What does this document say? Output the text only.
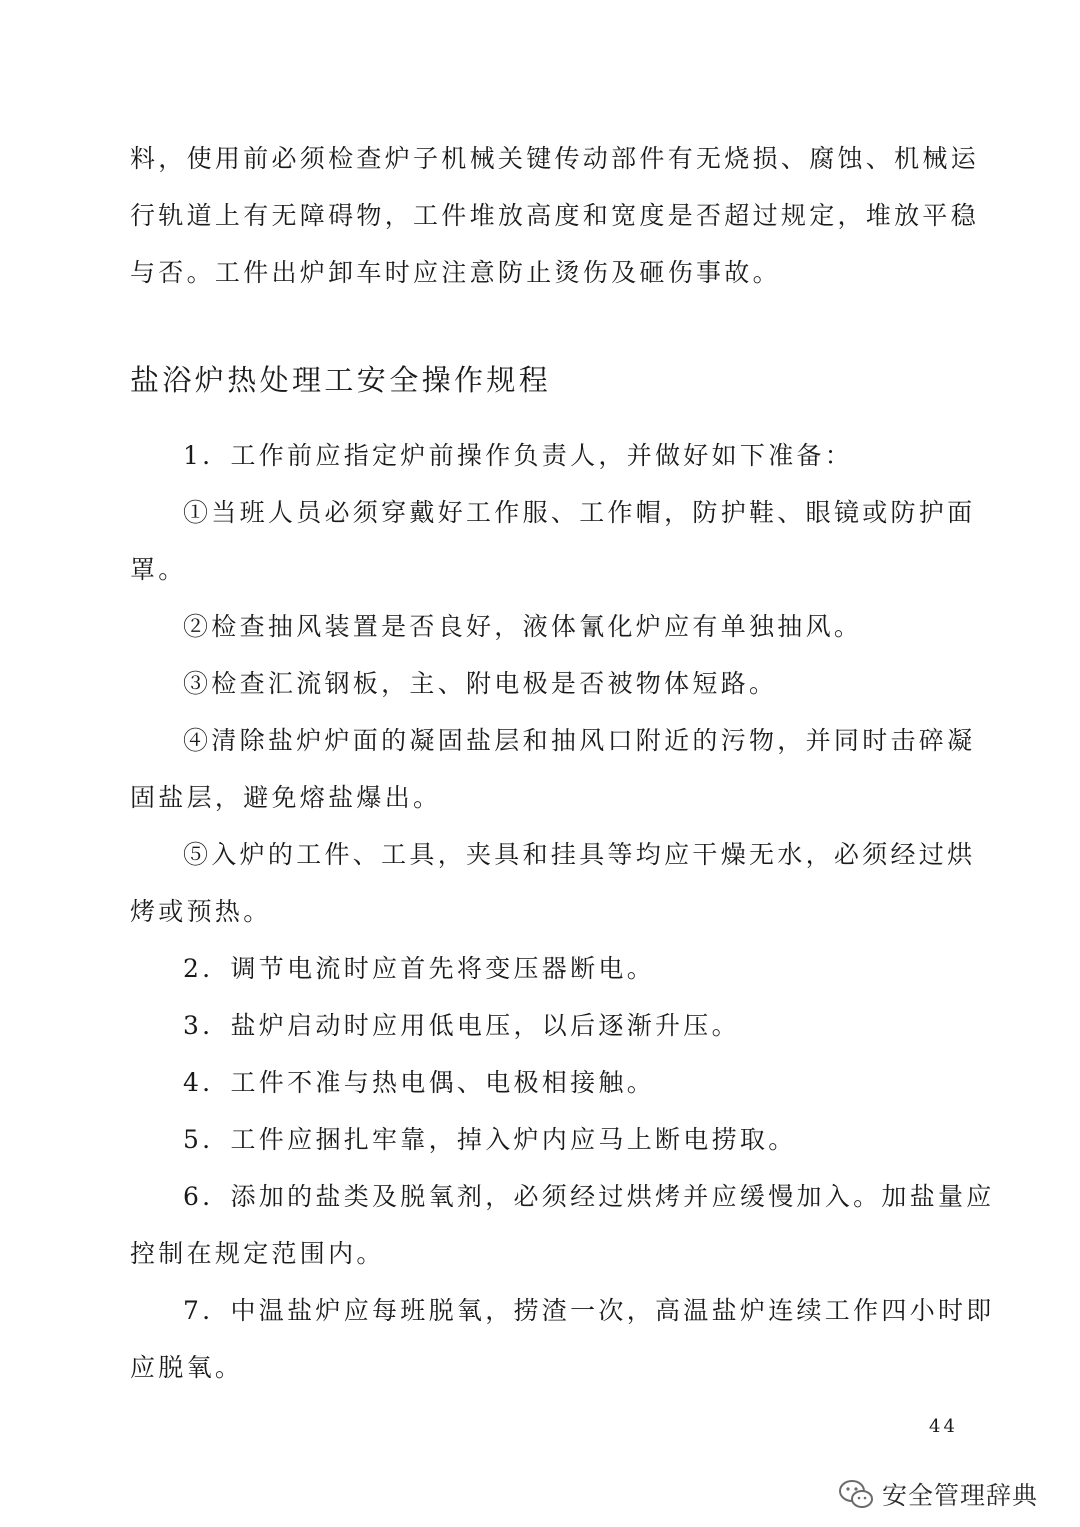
料，使用前必须检查炉子机械关键传动部件有无烧损、腐蚀、机械运

行轨道上有无障碍物，工件堆放高度和宽度是否超过规定，堆放平稳

与否。工件出炉卸车时应注意防止烫伤及砸伤事故。

盐浴炉热处理工安全操作规程

1．工作前应指定炉前操作负责人，并做好如下准备：

①当班人员必须穿戴好工作服、工作帽，防护鞋、眼镜或防护面

罩。

②检查抽风装置是否良好，液体氰化炉应有单独抽风。

③检查汇流钢板，主、附电极是否被物体短路。

④清除盐炉炉面的凝固盐层和抽风口附近的污物，并同时击碎凝

固盐层，避免熔盐爆出。

⑤入炉的工件、工具，夹具和挂具等均应干燥无水，必须经过烘

烤或预热。

2．调节电流时应首先将变压器断电。

3．盐炉启动时应用低电压，以后逐渐升压。

4．工件不准与热电偶、电极相接触。

5．工件应捆扎牢靠，掉入炉内应马上断电捞取。

6．添加的盐类及脱氧剂，必须经过烘烤并应缓慢加入。加盐量应

控制在规定范围内。

7．中温盐炉应每班脱氧，捞渣一次，高温盐炉连续工作四小时即

应脱氧。

44
安全管理辞典
